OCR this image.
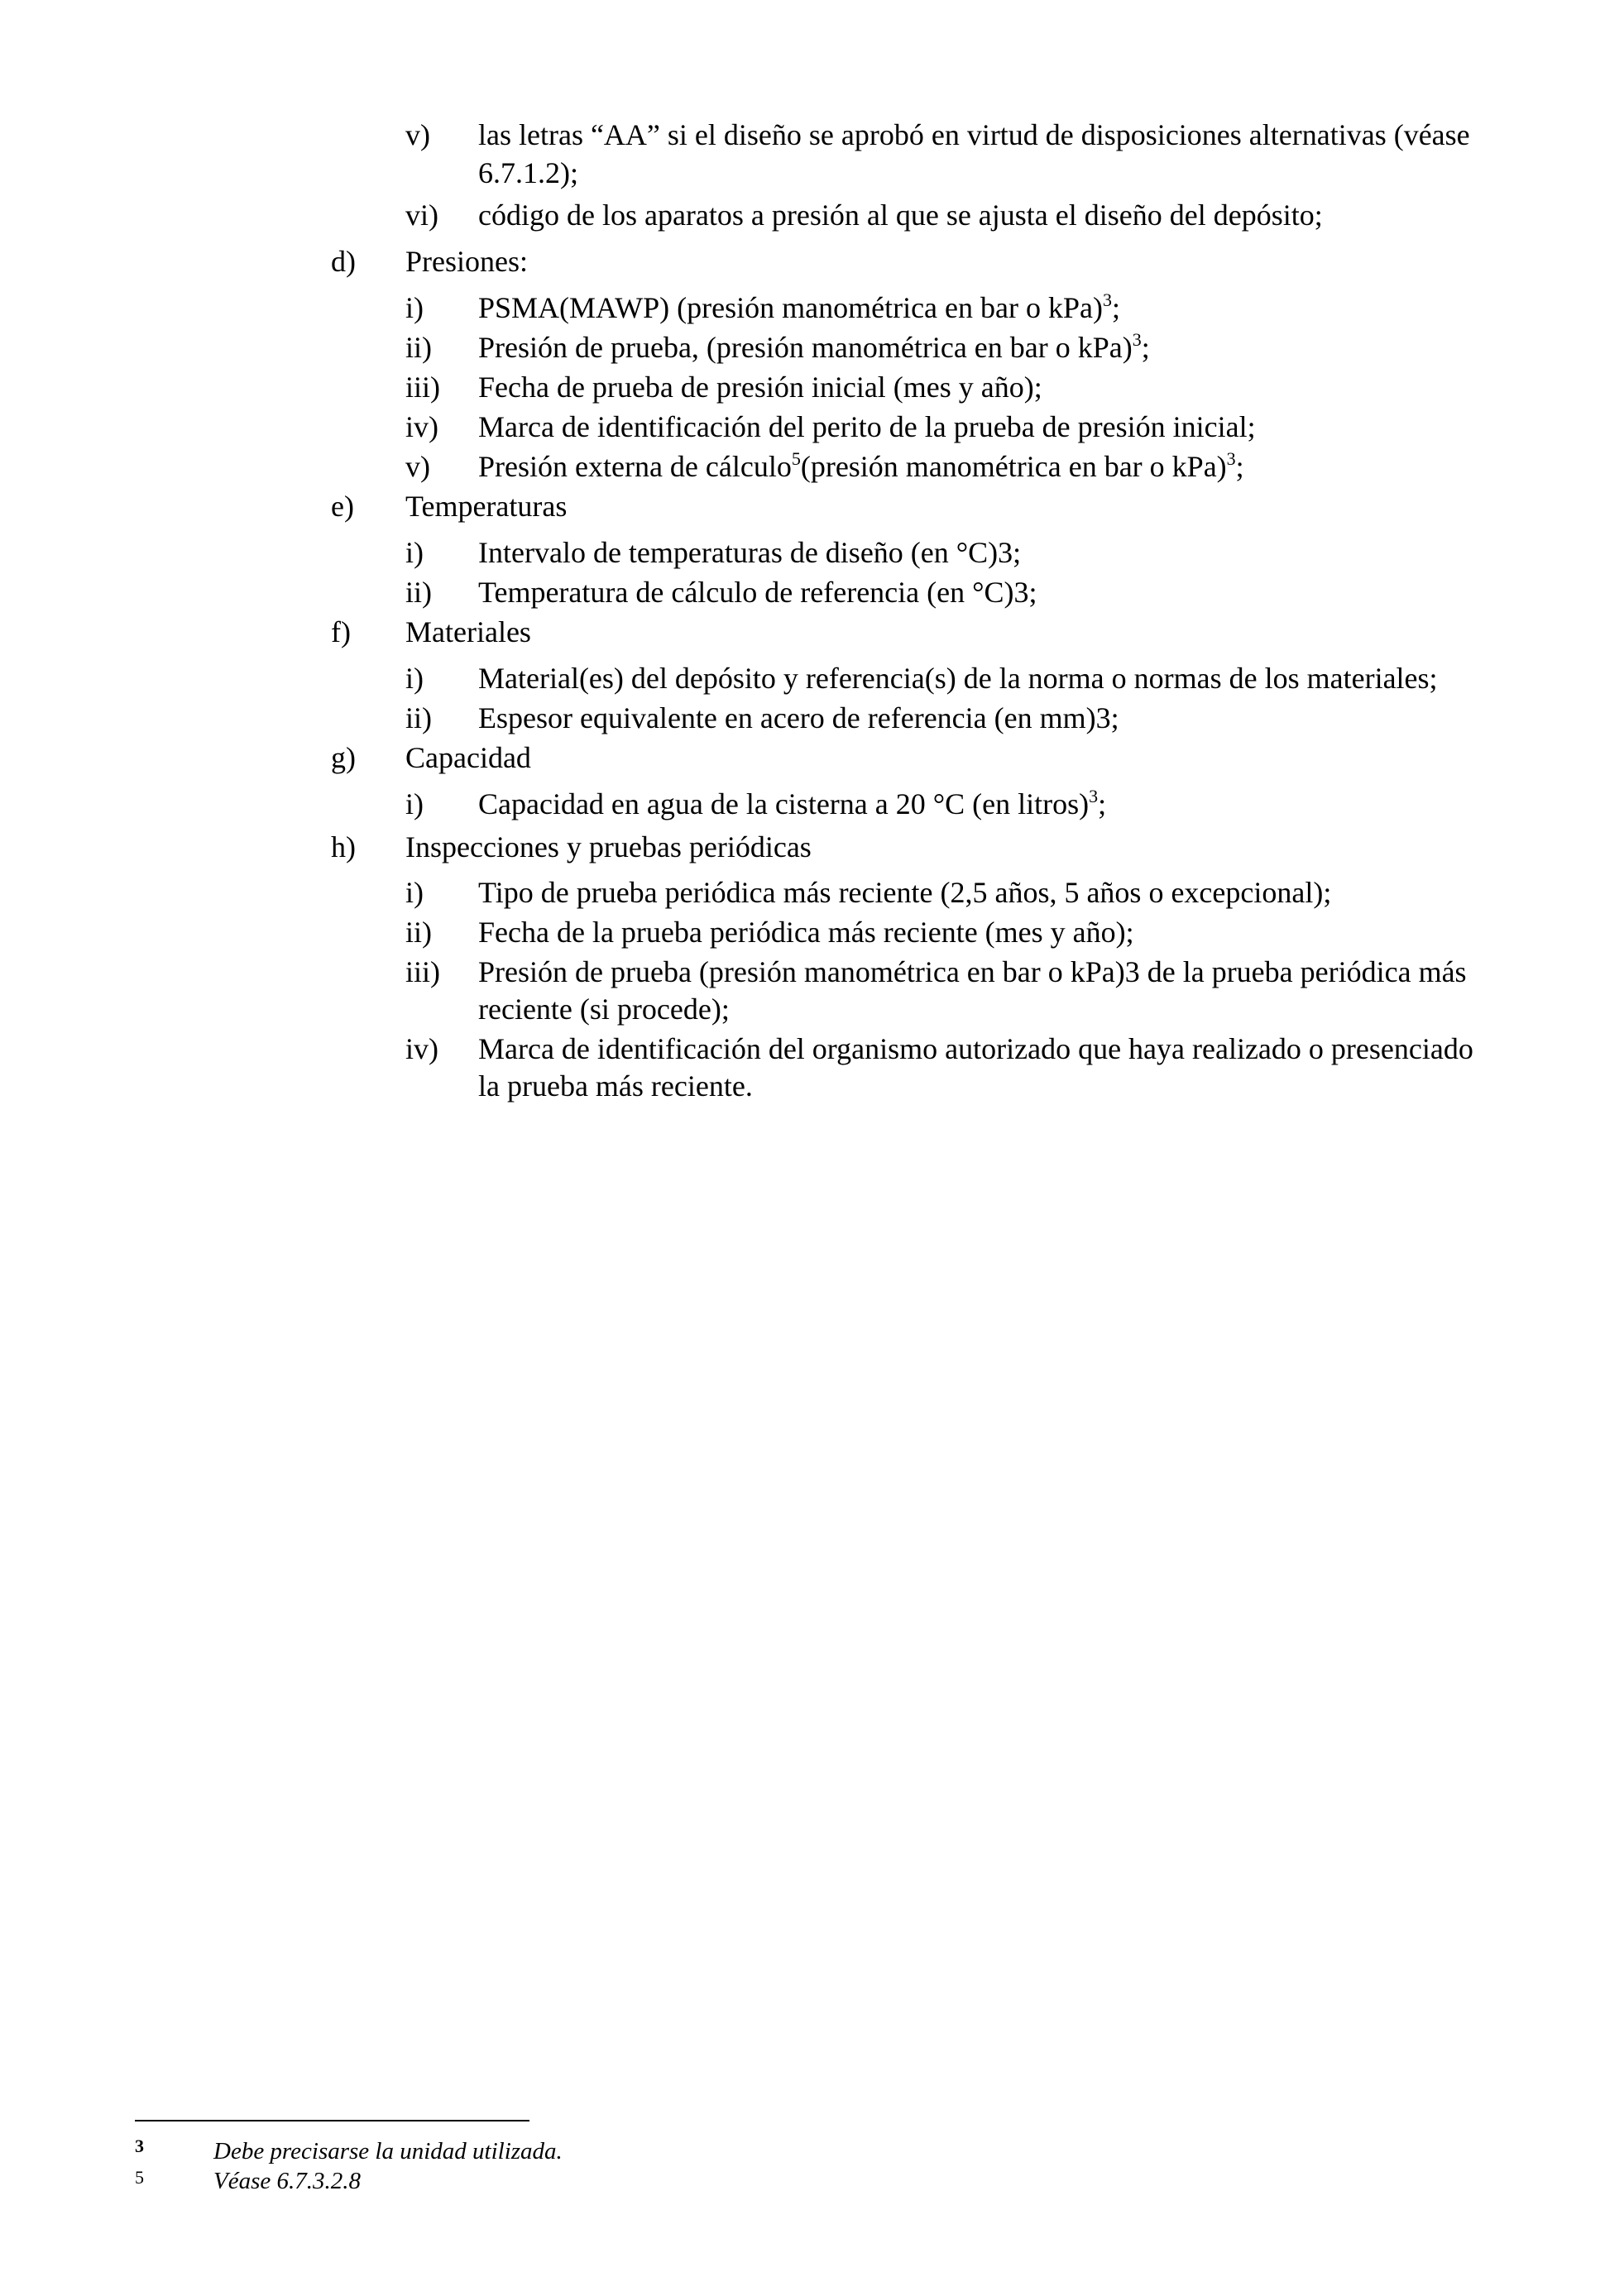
v) las letras “AA” si el diseño se aprobó en virtud de disposiciones alternativas (véase
6.7.1.2);
vi) código de los aparatos a presión al que se ajusta el diseño del depósito;
d) Presiones:
i) PSMA(MAWP) (presión manométrica en bar o kPa)$^3$;
ii) Presión de prueba, (presión manométrica en bar o kPa)$^3$;
iii) Fecha de prueba de presión inicial (mes y año);
iv) Marca de identificación del perito de la prueba de presión inicial;
v) Presión externa de cálculo$^5$(presión manométrica en bar o kPa)$^3$;
e) Temperaturas
i) Intervalo de temperaturas de diseño (en °C)3;
ii) Temperatura de cálculo de referencia (en °C)3;
f) Materiales
i) Material(es) del depósito y referencia(s) de la norma o normas de los materiales;
ii) Espesor equivalente en acero de referencia (en mm)3;
g) Capacidad
i) Capacidad en agua de la cisterna a 20 °C (en litros)$^3$;
h) Inspecciones y pruebas periódicas
i) Tipo de prueba periódica más reciente (2,5 años, 5 años o excepcional);
ii) Fecha de la prueba periódica más reciente (mes y año);
iii) Presión de prueba (presión manométrica en bar o kPa)3 de la prueba periódica más
reciente (si procede);
iv) Marca de identificación del organismo autorizado que haya realizado o presenciado
la prueba más reciente.
3	Debe precisarse la unidad utilizada.
5	Véase 6.7.3.2.8
